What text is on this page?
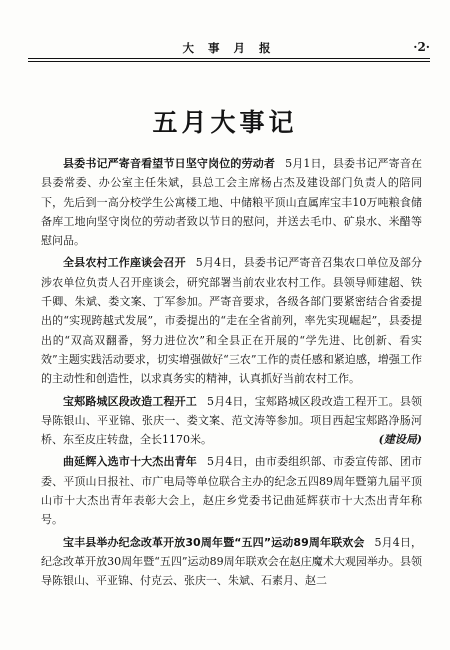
大 事 月 报	·2·
五月大事记

县委书记严寄音看望节日坚守岗位的劳动者 5月1日，县委书记严寄音在县委常委、办公室主任朱斌，县总工会主席杨占杰及建设部门负责人的陪同下，先后到一高分校学生公寓楼工地、中储粮平顶山直属库宝丰10万吨粮食储备库工地向坚守岗位的劳动者致以节日的慰问，并送去毛巾、矿泉水、米醋等慰问品。

全县农村工作座谈会召开 5月4日，县委书记严寄音召集农口单位及部分涉农单位负责人召开座谈会，研究部署当前农业农村工作。县领导师建超、铁千卿、朱斌、娄文案、丁军参加。严寄音要求，各级各部门要紧密结合省委提出的“实现跨越式发展”，市委提出的“走在全省前列，率先实现崛起”，县委提出的“双高双翻番，努力进位次”和全县正在开展的“学先进、比创新、看实效”主题实践活动要求，切实增强做好“三农”工作的责任感和紧迫感，增强工作的主动性和创造性，以求真务实的精神，认真抓好当前农村工作。

宝郏路城区段改造工程开工 5月4日，宝郏路城区段改造工程开工。县领导陈银山、平亚锦、张庆一、娄文案、范文涛等参加。项目西起宝郏路净肠河桥、东至皮庄转盘，全长1170米。	(建设局)

曲延辉入选市十大杰出青年 5月4日，由市委组织部、市委宣传部、团市委、平顶山日报社、市广电局等单位联合主办的纪念五四89周年暨第九届平顶山市十大杰出青年表彰大会上，赵庄乡党委书记曲延辉获市十大杰出青年称号。

宝丰县举办纪念改革开放30周年暨“五四”运动89周年联欢会 5月4日，纪念改革开放30周年暨“五四”运动89周年联欢会在赵庄魔术大观园举办。县领导陈银山、平亚锦、付克云、张庆一、朱斌、石素月、赵二
